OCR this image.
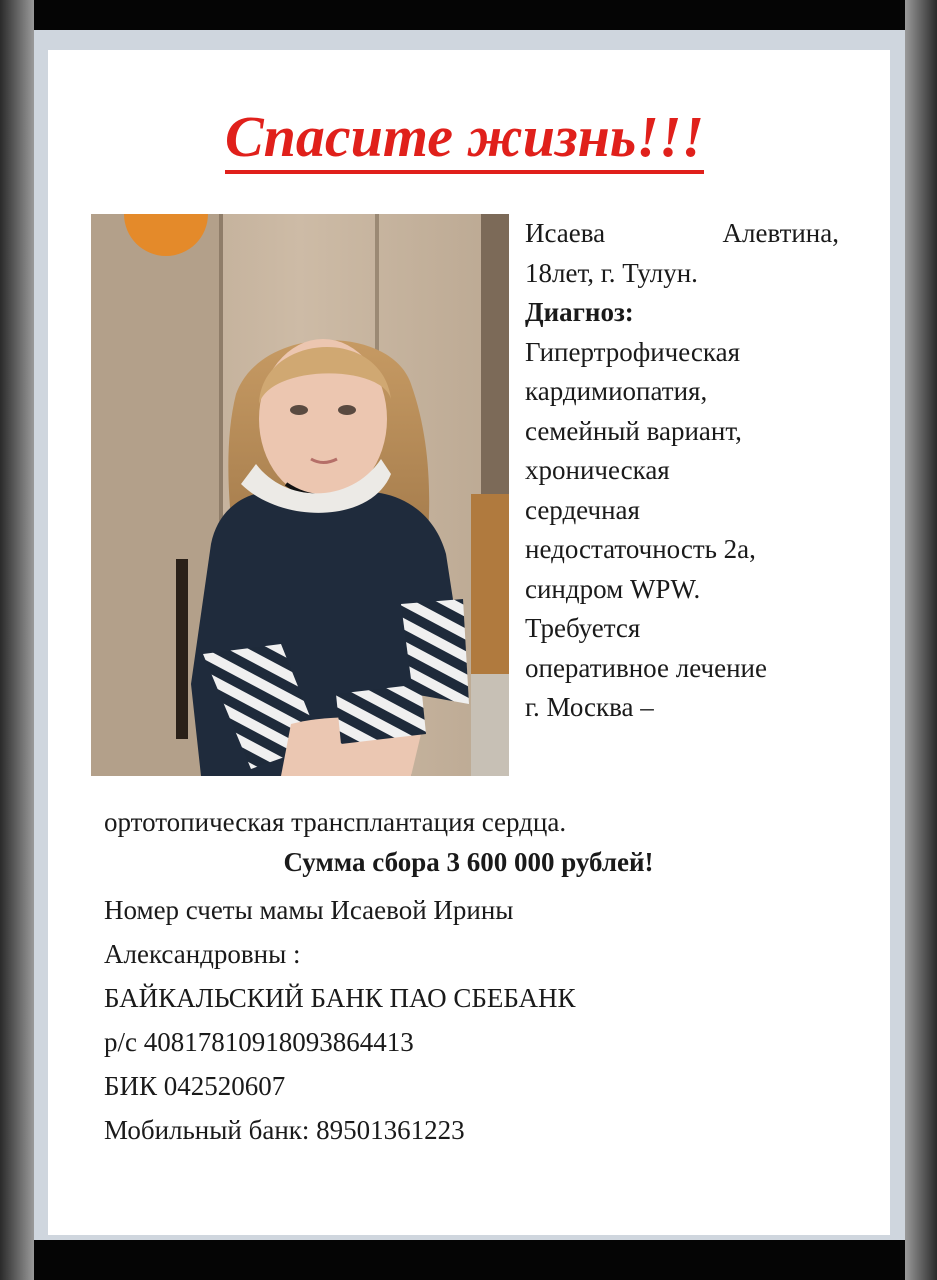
Спасите жизнь!!!
Исаева	Алевтина,
18лет, г. Тулун.
Диагноз:
Гипертрофическая
кардимиопатия,
семейный вариант,
хроническая
сердечная
недостаточность 2а,
синдром WPW.
Требуется
оперативное лечение
г. Москва –
ортотопическая трансплантация сердца.
Сумма сбора 3 600 000 рублей!
Номер счеты мамы Исаевой Ирины
Александровны :
БАЙКАЛЬСКИЙ БАНК ПАО СБЕБАНК
р/с 40817810918093864413
БИК 042520607
Мобильный банк: 89501361223
